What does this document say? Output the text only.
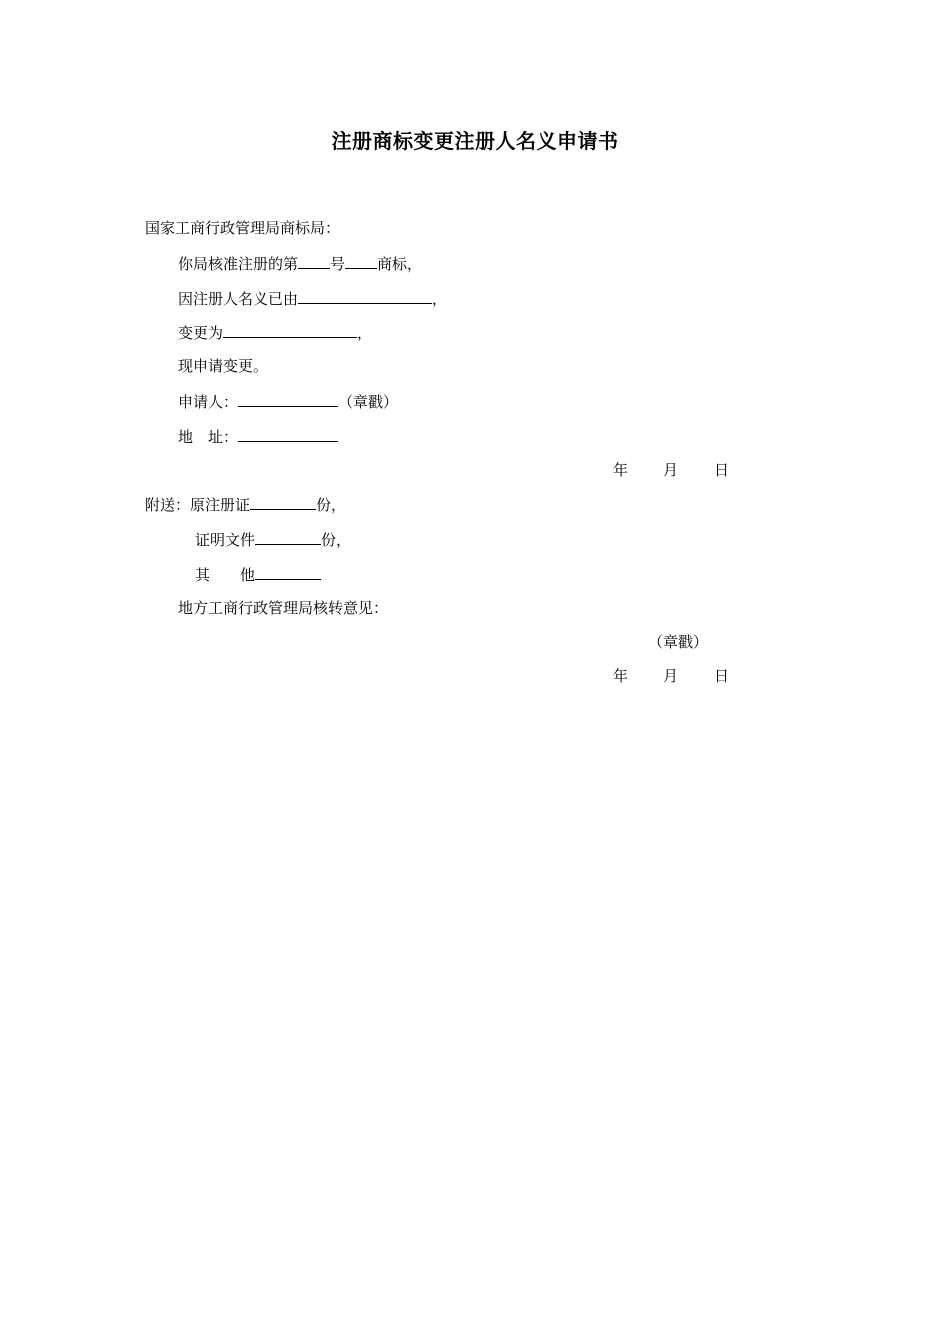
注册商标变更注册人名义申请书
国家工商行政管理局商标局：
你局核准注册的第 号 商标，
因注册人名义已由	，
变更为	，
现申请变更。
申请人：	（章戳）
地　址：
年 月 日
附送：原注册证	份，
证明文件	份，
其　　他
地方工商行政管理局核转意见：
（章戳）
年 月 日
